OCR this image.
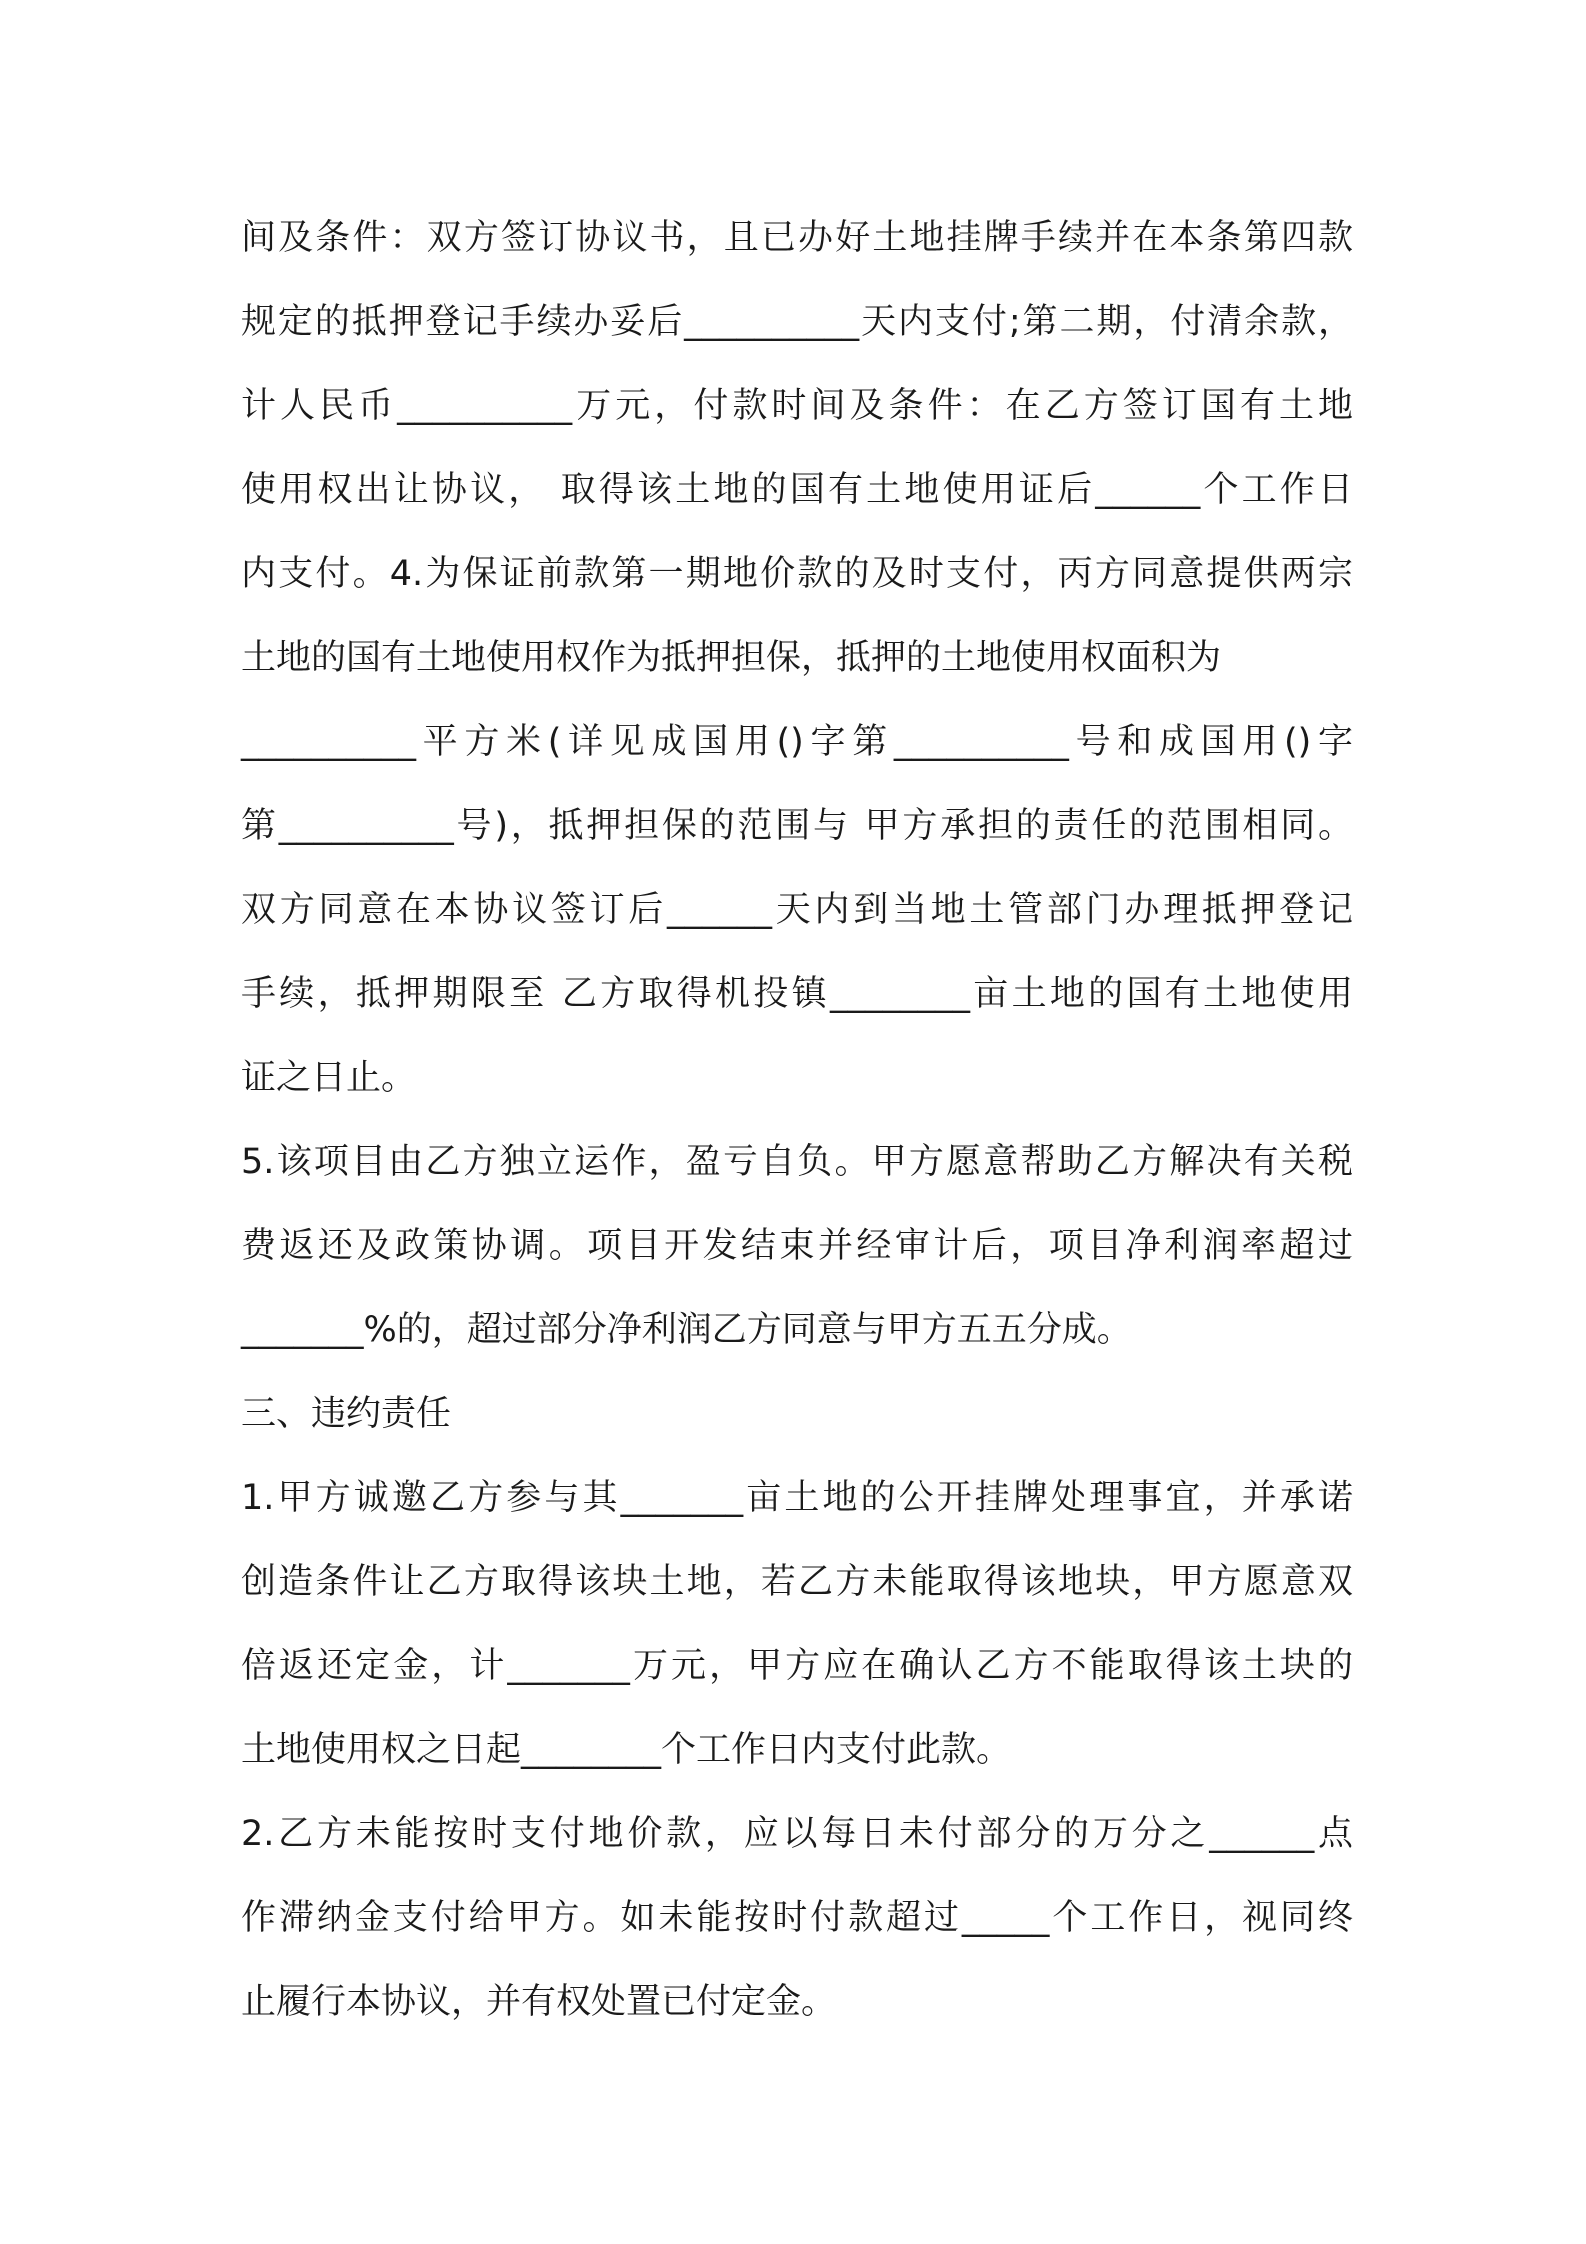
间及条件：双方签订协议书，且已办好土地挂牌手续并在本条第四款
规定的抵押登记手续办妥后__________天内支付;第二期，付清余款，
计人民币__________万元，付款时间及条件：在乙方签订国有土地
使用权出让协议， 取得该土地的国有土地使用证后______个工作日
内支付。4.为保证前款第一期地价款的及时支付，丙方同意提供两宗
土地的国有土地使用权作为抵押担保，抵押的土地使用权面积为
__________平方米(详见成国用()字第__________号和成国用()字
第__________号)，抵押担保的范围与 甲方承担的责任的范围相同。
双方同意在本协议签订后______天内到当地土管部门办理抵押登记
手续，抵押期限至 乙方取得机投镇________亩土地的国有土地使用
证之日止。
5.该项目由乙方独立运作，盈亏自负。甲方愿意帮助乙方解决有关税
费返还及政策协调。项目开发结束并经审计后，项目净利润率超过
_______%的，超过部分净利润乙方同意与甲方五五分成。
三、违约责任
1.甲方诚邀乙方参与其_______亩土地的公开挂牌处理事宜，并承诺
创造条件让乙方取得该块土地，若乙方未能取得该地块，甲方愿意双
倍返还定金，计_______万元，甲方应在确认乙方不能取得该土块的
土地使用权之日起________个工作日内支付此款。
2.乙方未能按时支付地价款，应以每日未付部分的万分之______点
作滞纳金支付给甲方。如未能按时付款超过_____个工作日，视同终
止履行本协议，并有权处置已付定金。
